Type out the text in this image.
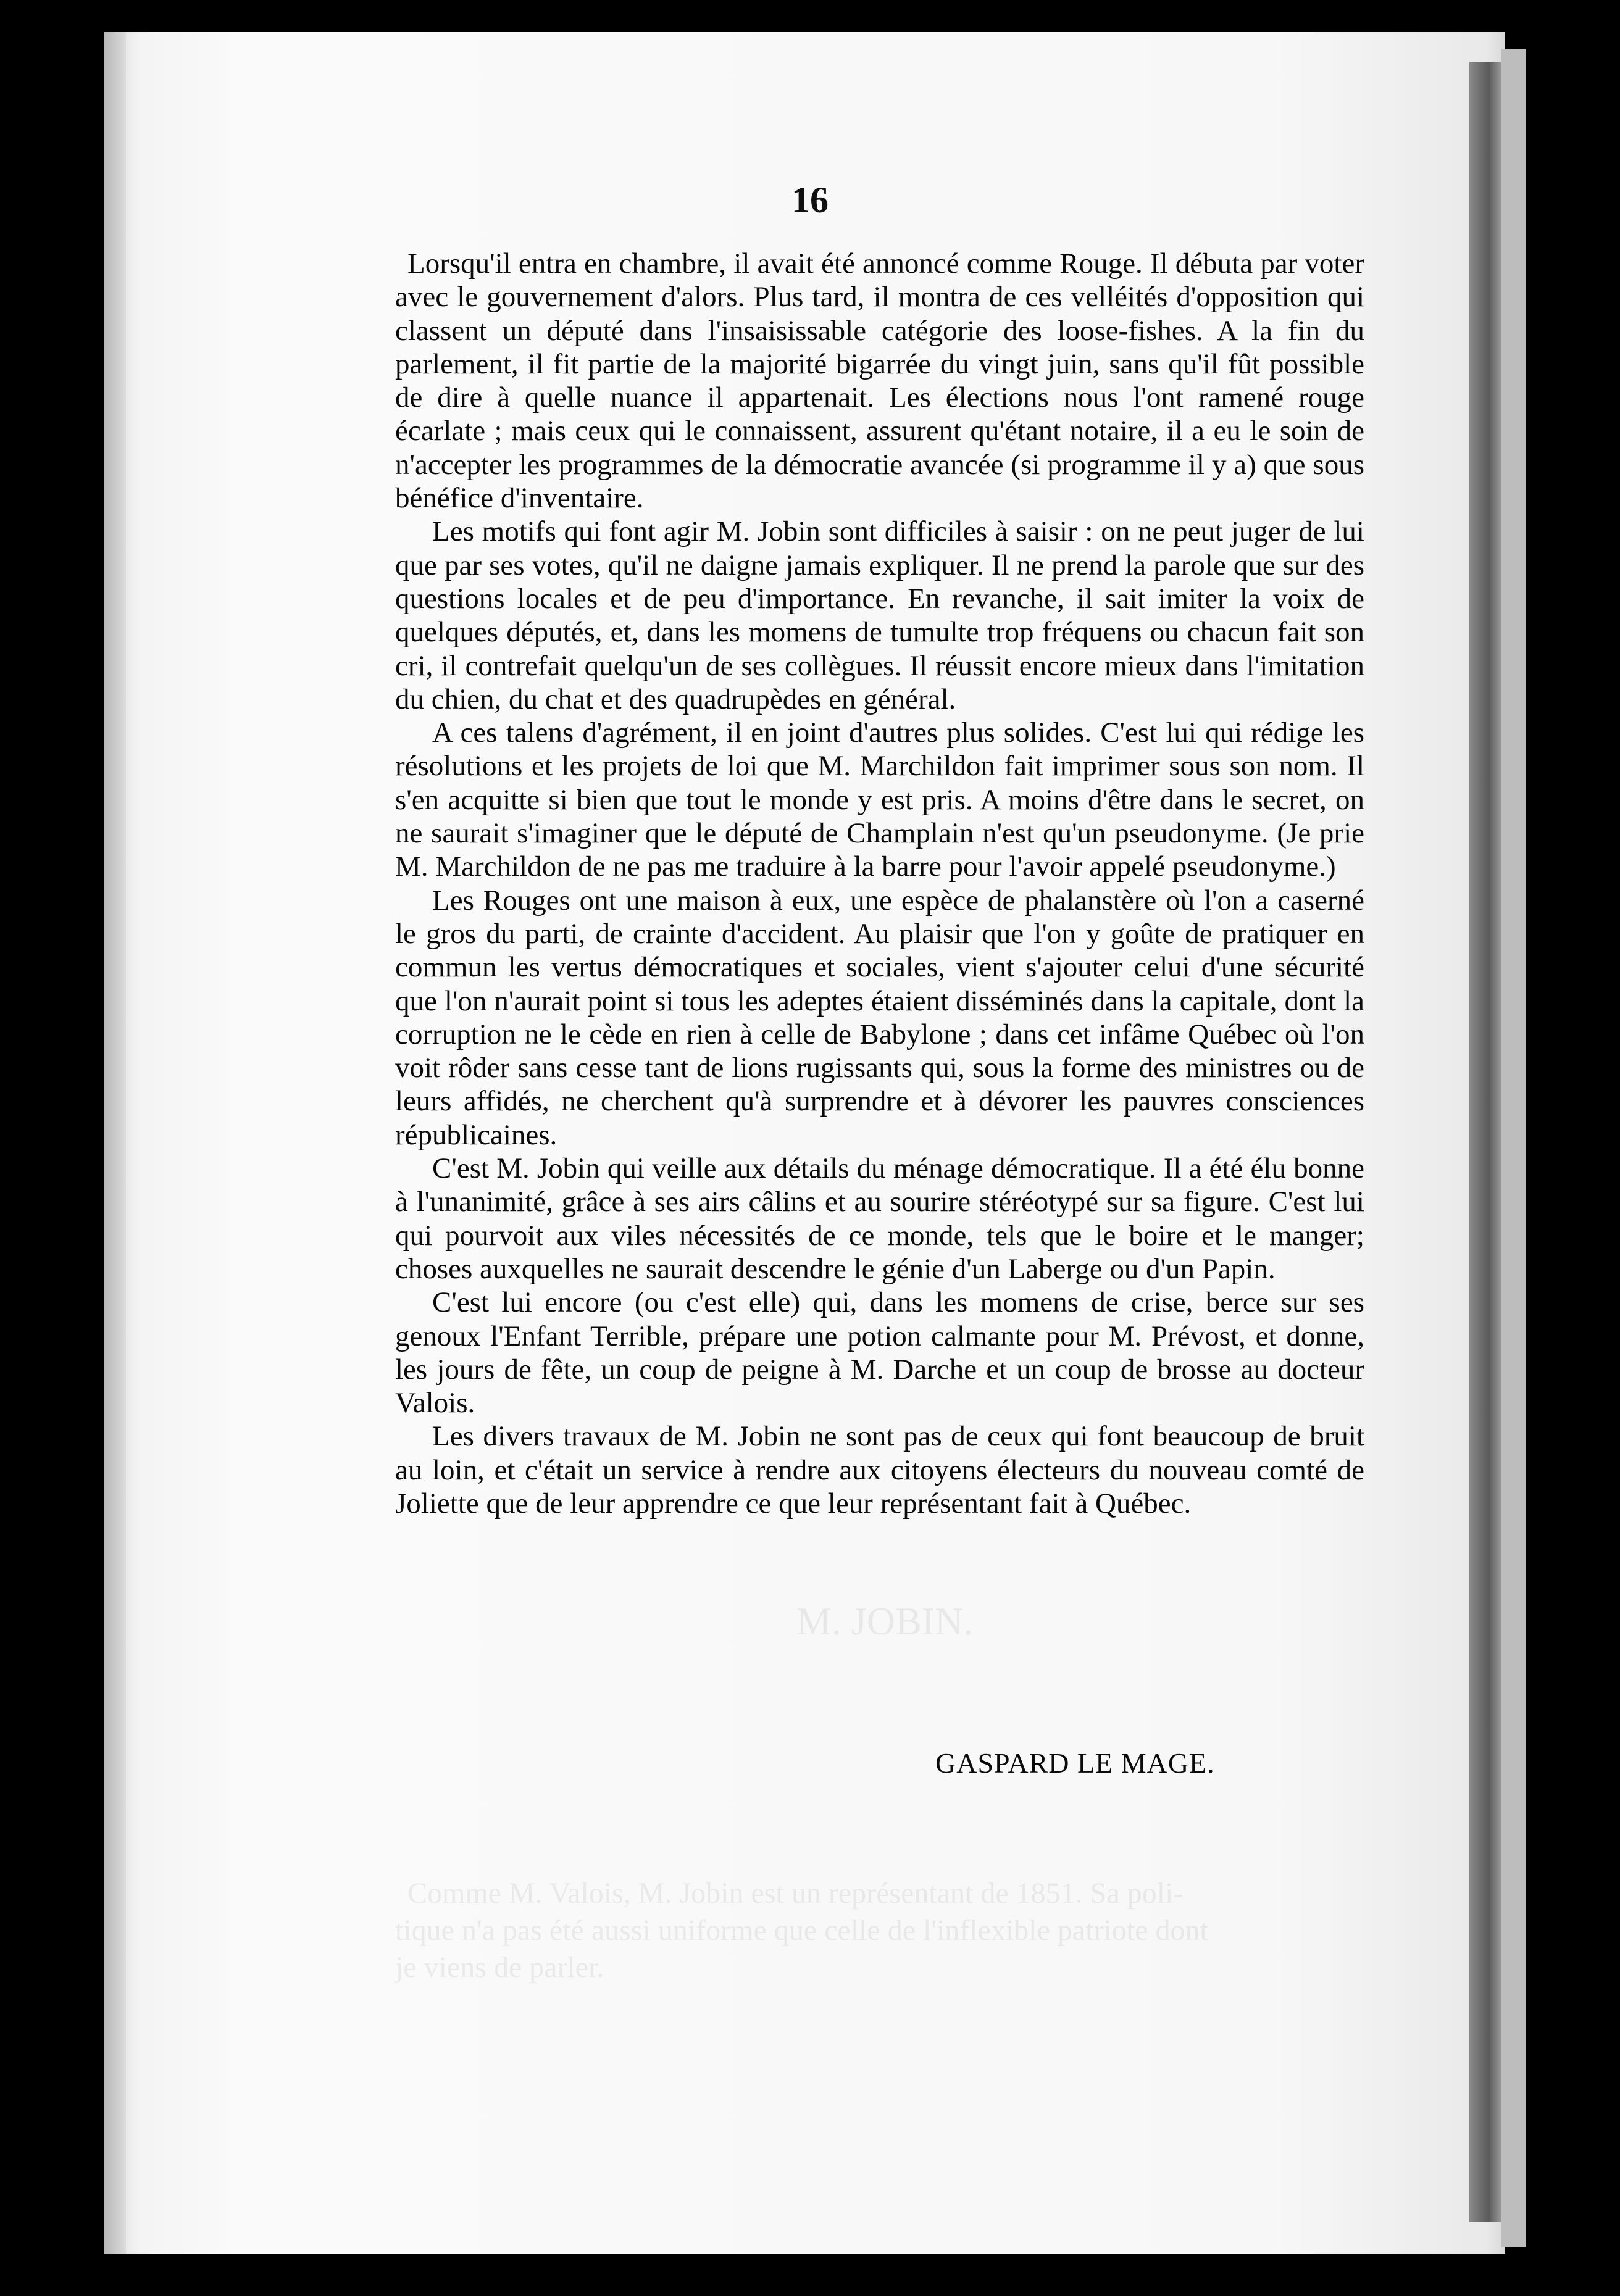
M. JOBIN.
Comme M. Valois, M. Jobin est un représentant de 1851. Sa poli-
tique n'a pas été aussi uniforme que celle de l'inflexible patriote dont
je viens de parler.
16

Lorsqu'il entra en chambre, il avait été annoncé comme Rouge. Il débuta par voter avec le gouvernement d'alors. Plus tard, il montra de ces velléités d'opposition qui classent un député dans l'insaisissable catégorie des loose-fishes. A la fin du parlement, il fit partie de la majorité bigarrée du vingt juin, sans qu'il fût possible de dire à quelle nuance il appartenait. Les élections nous l'ont ramené rouge écarlate ; mais ceux qui le connaissent, assurent qu'étant notaire, il a eu le soin de n'accepter les programmes de la démocratie avancée (si programme il y a) que sous bénéfice d'inventaire.

Les motifs qui font agir M. Jobin sont difficiles à saisir : on ne peut juger de lui que par ses votes, qu'il ne daigne jamais expliquer. Il ne prend la parole que sur des questions locales et de peu d'importance. En revanche, il sait imiter la voix de quelques députés, et, dans les momens de tumulte trop fréquens ou chacun fait son cri, il contrefait quelqu'un de ses collègues. Il réussit encore mieux dans l'imitation du chien, du chat et des quadrupèdes en général.

A ces talens d'agrément, il en joint d'autres plus solides. C'est lui qui rédige les résolutions et les projets de loi que M. Marchildon fait imprimer sous son nom. Il s'en acquitte si bien que tout le monde y est pris. A moins d'être dans le secret, on ne saurait s'imaginer que le député de Champlain n'est qu'un pseudonyme. (Je prie M. Marchildon de ne pas me traduire à la barre pour l'avoir appelé pseudonyme.)

Les Rouges ont une maison à eux, une espèce de phalanstère où l'on a caserné le gros du parti, de crainte d'accident. Au plaisir que l'on y goûte de pratiquer en commun les vertus démocratiques et sociales, vient s'ajouter celui d'une sécurité que l'on n'aurait point si tous les adeptes étaient disséminés dans la capitale, dont la corruption ne le cède en rien à celle de Babylone ; dans cet infâme Québec où l'on voit rôder sans cesse tant de lions rugissants qui, sous la forme des ministres ou de leurs affidés, ne cherchent qu'à surprendre et à dévorer les pauvres consciences républicaines.

C'est M. Jobin qui veille aux détails du ménage démocratique. Il a été élu bonne à l'unanimité, grâce à ses airs câlins et au sourire stéréotypé sur sa figure. C'est lui qui pourvoit aux viles nécessités de ce monde, tels que le boire et le manger; choses auxquelles ne saurait descendre le génie d'un Laberge ou d'un Papin.

C'est lui encore (ou c'est elle) qui, dans les momens de crise, berce sur ses genoux l'Enfant Terrible, prépare une potion calmante pour M. Prévost, et donne, les jours de fête, un coup de peigne à M. Darche et un coup de brosse au docteur Valois.

Les divers travaux de M. Jobin ne sont pas de ceux qui font beaucoup de bruit au loin, et c'était un service à rendre aux citoyens électeurs du nouveau comté de Joliette que de leur apprendre ce que leur représentant fait à Québec.

GASPARD LE MAGE.
